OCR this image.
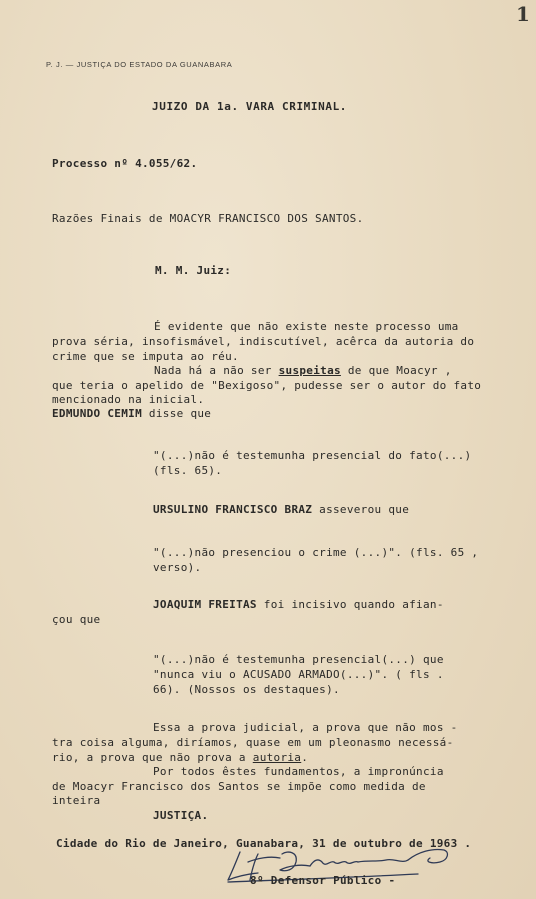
1
P. J. — JUSTIÇA DO ESTADO DA GUANABARA
JUIZO DA 1a. VARA CRIMINAL.
Processo nº 4.055/62.
Razões Finais de MOACYR FRANCISCO DOS SANTOS.
M. M. Juiz:
É evidente que não existe neste processo uma
prova séria, insofismável, indiscutível, acêrca da autoria do
crime que se imputa ao réu.
Nada há a não ser suspeitas de que Moacyr ,
que teria o apelido de "Bexigoso", pudesse ser o autor do fato
mencionado na inicial.
EDMUNDO CEMIM disse que
"(...)não é testemunha presencial do fato(...)
(fls. 65).
URSULINO FRANCISCO BRAZ asseverou que
"(...)não presenciou o crime (...)". (fls. 65 ,
verso).
JOAQUIM FREITAS foi incisivo quando afian-
çou que
"(...)não é testemunha presencial(...) que
"nunca viu o ACUSADO ARMADO(...)". ( fls .
66). (Nossos os destaques).
Essa a prova judicial, a prova que não mos -
tra coisa alguma, diríamos, quase em um pleonasmo necessá-
rio, a prova que não prova a autoria.
Por todos êstes fundamentos, a impronúncia
de Moacyr Francisco dos Santos se impõe como medida de
inteira
JUSTIÇA.
Cidade do Rio de Janeiro, Guanabara, 31 de outubro de 1963 .
8º Defensor Público -
